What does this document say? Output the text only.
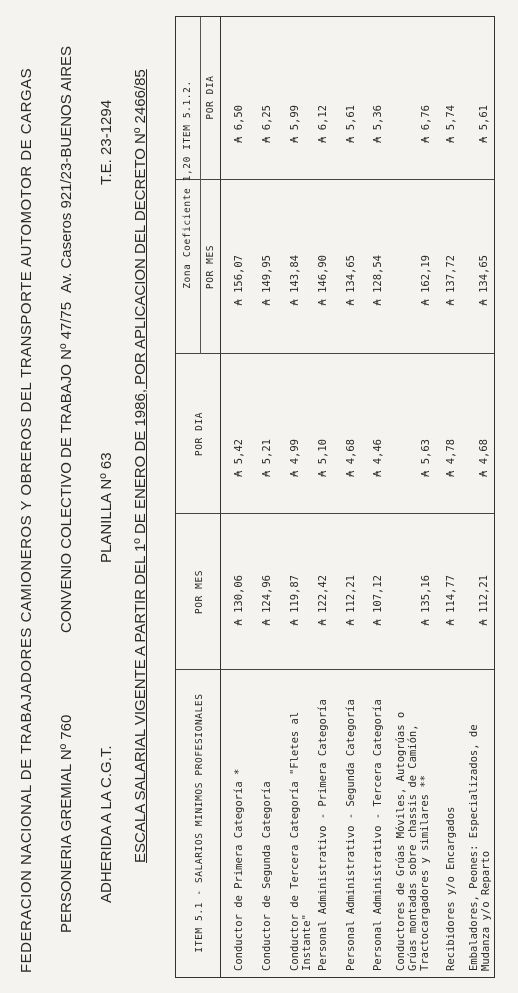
FEDERACION NACIONAL DE TRABAJADORES CAMIONEROS Y OBREROS DEL TRANSPORTE AUTOMOTOR DE CARGAS PERSONERIA GREMIAL Nº 760
CONVENIO COLECTIVO DE TRABAJO Nº 47/75
Av. Caseros 921/23-BUENOS AIRES
ADHERIDA A LA C.G.T.
PLANILLA Nº 63
T.E. 23-1294 ESCALA SALARIAL VIGENTE A PARTIR DEL 1º DE ENERO DE 1986, POR APLICACION DEL DECRETO Nº 2466/85	ITEM 5.1 - SALARIOS MINIMOS PROFESIONALES
POR MES
POR DIA
Zona Coeficiente 1,20 ITEM 5.1.2. POR MES
POR DIA
Conductor de Primera Categoría *
₳ 130,06
₳ 5,42
₳ 156,07
₳ 6,50
Conductor de Segunda Categoría
₳ 124,96
₳ 5,21
₳ 149,95
₳ 6,25
Conductor de Tercera Categoría "Fletes al Instante"
₳ 119,87
₳ 4,99
₳ 143,84
₳ 5,99
Personal Administrativo - Primera Categoría
₳ 122,42
₳ 5,10
₳ 146,90
₳ 6,12
Personal Administrativo - Segunda Categoría
₳ 112,21
₳ 4,68
₳ 134,65
₳ 5,61
Personal Administrativo - Tercera Categoría
₳ 107,12
₳ 4,46
₳ 128,54
₳ 5,36
Conductores de Grúas Móviles, Autogrúas o Grúas montadas sobre chassis de Camión, Tractocargadores y similares **
₳ 135,16
₳ 5,63
₳ 162,19
₳ 6,76
Recibidores y/o Encargados
₳ 114,77
₳ 4,78
₳ 137,72
₳ 5,74
Embaladores, Peones: Especializados, de Mudanza y/o Reparto
₳ 112,21
₳ 4,68
₳ 134,65
₳ 5,61
